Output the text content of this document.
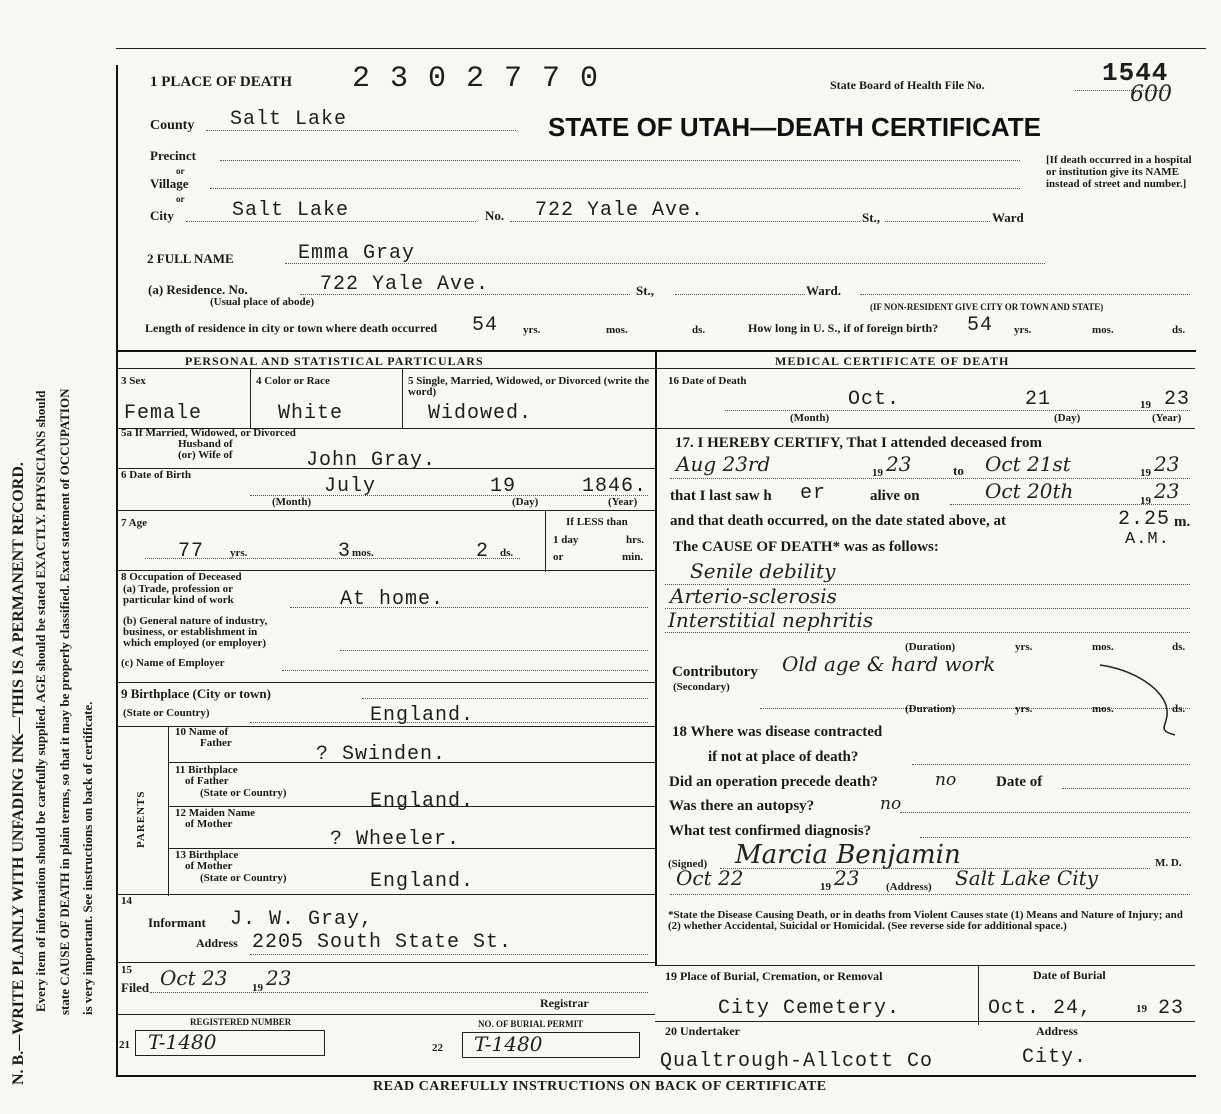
N. B.—WRITE PLAINLY WITH UNFADING INK—THIS IS A PERMANENT RECORD. Every item of information should be carefully supplied. AGE should be stated EXACTLY. PHYSICIANS should state CAUSE OF DEATH in plain terms, so that it may be properly classified. Exact statement of OCCUPATION is very important. See instructions on back of certificate.
1 PLACE OF DEATH 2 3 0 2 7 7 0	State Board of Health File No.	1544
600
County Salt Lake	STATE OF UTAH—DEATH CERTIFICATE
Precinct
or
Village
or
City	Salt Lake	No. 722 Yale Ave.	St.,	Ward
[If death occurred in a hospital or institution give its NAME instead of street and number.]
2 FULL NAME	Emma Gray
(a) Residence. No.	722 Yale Ave.
(Usual place of abode)
St.,	Ward.
(IF NON-RESIDENT GIVE CITY OR TOWN AND STATE)
Length of residence in city or town where death occurred 54 yrs.	mos.	ds.	How long in U. S., if of foreign birth? 54 yrs.	mos.	ds.
PERSONAL AND STATISTICAL PARTICULARS
3 Sex
Female
4 Color or Race
White
5 Single, Married, Widowed, or Divorced (write the word)
Widowed.
5a If Married, Widowed, or Divorced
Husband of
(or) Wife of	John Gray.
6 Date of Birth	July	19	1846.
(Month)	(Day)	(Year)
7 Age
77 yrs.	3 mos.	2 ds.
If LESS than
1 day	hrs.
or	min.
8 Occupation of Deceased
(a) Trade, profession or
particular kind of work	At home.
(b) General nature of industry,
business, or establishment in
which employed (or employer)
(c) Name of Employer
9 Birthplace (City or town)
(State or Country)	England.
PARENTS
10 Name of
Father	? Swinden.
11 Birthplace
of Father
(State or Country)	England.
12 Maiden Name
of Mother
? Wheeler.
13 Birthplace
of Mother
(State or Country)	England.
14
Informant J. W. Gray,
Address 2205 South State St.
15
Filed Oct 23 19 23
Registrar
REGISTERED NUMBER
21 T-1480
NO. OF BURIAL PERMIT
22 T-1480
MEDICAL CERTIFICATE OF DEATH
16 Date of Death
Oct.	21	19 23
(Month)	(Day)	(Year)
17. I HEREBY CERTIFY, That I attended deceased from
Aug 23rd	19 23	to Oct 21st	19 23
that I last saw h er	alive on	Oct 20th	19 23
and that death occurred, on the date stated above, at	2.25 m.
A.M.
The CAUSE OF DEATH* was as follows:
Senile debility
Arterio-sclerosis
Interstitial nephritis
(Duration)	yrs.	mos.	ds.
Contributory Old age & hard work
(Secondary)
(Duration)	yrs.	mos.	ds.
18 Where was disease contracted
if not at place of death?
Did an operation precede death?	no	Date of
Was there an autopsy?	no
What test confirmed diagnosis?
(Signed) Marcia Benjamin	M. D.
Oct 22	19 23 (Address) Salt Lake City
*State the Disease Causing Death, or in deaths from Violent Causes state (1) Means and Nature of Injury; and (2) whether Accidental, Suicidal or Homicidal. (See reverse side for additional space.)
19 Place of Burial, Cremation, or Removal
City Cemetery.
Date of Burial
Oct. 24,	19 23
20 Undertaker
Qualtrough-Allcott Co
Address
City.
READ CAREFULLY INSTRUCTIONS ON BACK OF CERTIFICATE
